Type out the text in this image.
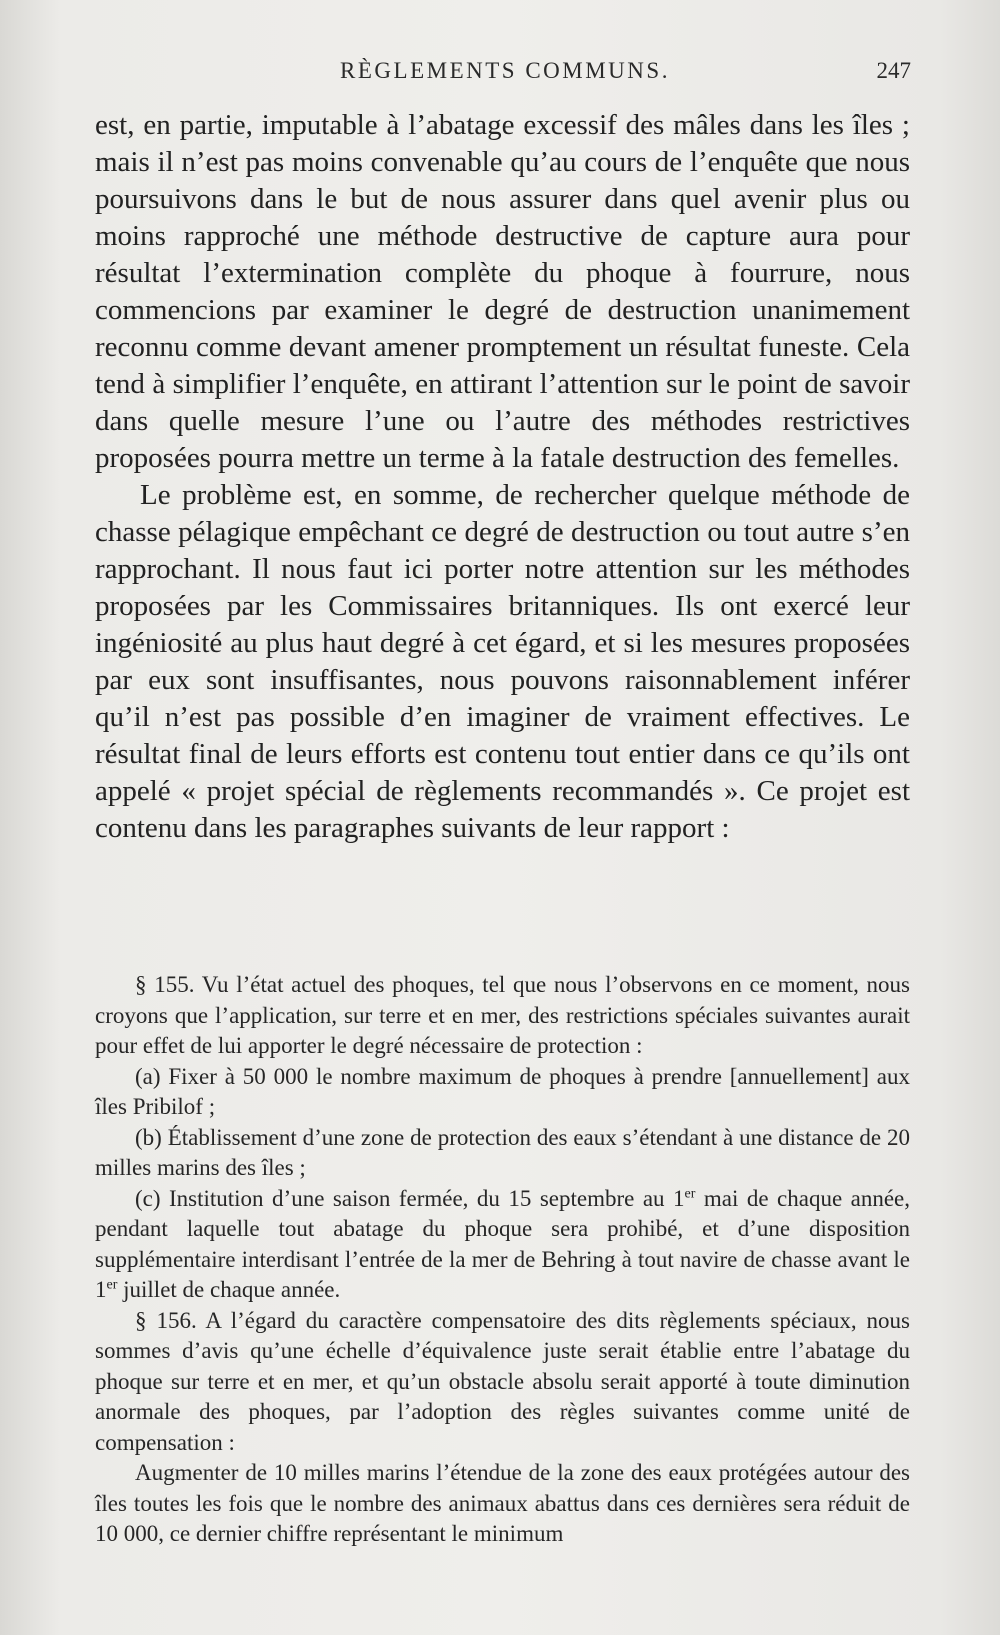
RÈGLEMENTS COMMUNS.	247

est, en partie, imputable à l’abatage excessif des mâles dans les îles ; mais il n’est pas moins convenable qu’au cours de l’enquête que nous poursuivons dans le but de nous assurer dans quel avenir plus ou moins rapproché une méthode destructive de capture aura pour résultat l’extermination complète du phoque à fourrure, nous commencions par examiner le degré de destruction unanimement reconnu comme devant amener promptement un résultat funeste. Cela tend à simplifier l’enquête, en attirant l’attention sur le point de savoir dans quelle mesure l’une ou l’autre des méthodes restrictives proposées pourra mettre un terme à la fatale destruction des femelles.

Le problème est, en somme, de rechercher quelque méthode de chasse pélagique empêchant ce degré de destruction ou tout autre s’en rapprochant. Il nous faut ici porter notre attention sur les méthodes proposées par les Commissaires britanniques. Ils ont exercé leur ingéniosité au plus haut degré à cet égard, et si les mesures proposées par eux sont insuffisantes, nous pouvons raisonnablement inférer qu’il n’est pas possible d’en imaginer de vraiment effectives. Le résultat final de leurs efforts est contenu tout entier dans ce qu’ils ont appelé « projet spécial de règlements recommandés ». Ce projet est contenu dans les paragraphes suivants de leur rapport :

§ 155. Vu l’état actuel des phoques, tel que nous l’observons en ce moment, nous croyons que l’application, sur terre et en mer, des restrictions spéciales suivantes aurait pour effet de lui apporter le degré nécessaire de protection :

(a) Fixer à 50 000 le nombre maximum de phoques à prendre [annuellement] aux îles Pribilof ;

(b) Établissement d’une zone de protection des eaux s’étendant à une distance de 20 milles marins des îles ;

(c) Institution d’une saison fermée, du 15 septembre au 1er mai de chaque année, pendant laquelle tout abatage du phoque sera prohibé, et d’une disposition supplémentaire interdisant l’entrée de la mer de Behring à tout navire de chasse avant le 1er juillet de chaque année.

§ 156. A l’égard du caractère compensatoire des dits règlements spéciaux, nous sommes d’avis qu’une échelle d’équivalence juste serait établie entre l’abatage du phoque sur terre et en mer, et qu’un obstacle absolu serait apporté à toute diminution anormale des phoques, par l’adoption des règles suivantes comme unité de compensation :

Augmenter de 10 milles marins l’étendue de la zone des eaux protégées autour des îles toutes les fois que le nombre des animaux abattus dans ces dernières sera réduit de 10 000, ce dernier chiffre représentant le minimum
